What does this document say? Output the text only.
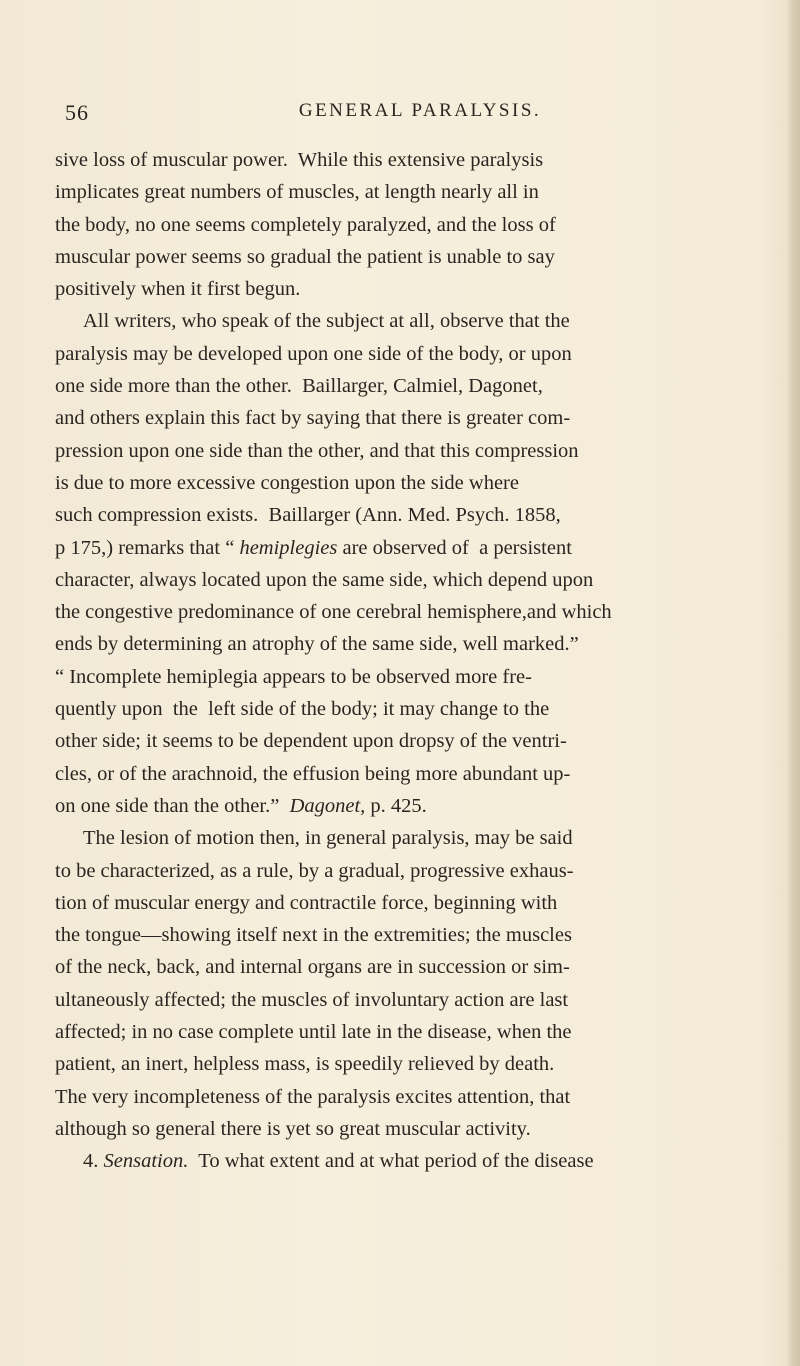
56	GENERAL PARALYSIS.
sive loss of muscular power.  While this extensive paralysis
implicates great numbers of muscles, at length nearly all in
the body, no one seems completely paralyzed, and the loss of
muscular power seems so gradual the patient is unable to say
positively when it first begun.
All writers, who speak of the subject at all, observe that the
paralysis may be developed upon one side of the body, or upon
one side more than the other.  Baillarger, Calmiel, Dagonet,
and others explain this fact by saying that there is greater com-
pression upon one side than the other, and that this compression
is due to more excessive congestion upon the side where
such compression exists.  Baillarger (Ann. Med. Psych. 1858,
p 175,) remarks that “ hemiplegies are observed of  a persistent
character, always located upon the same side, which depend upon
the congestive predominance of one cerebral hemisphere,and which
ends by determining an atrophy of the same side, well marked.”
“ Incomplete hemiplegia appears to be observed more fre-
quently upon  the  left side of the body; it may change to the
other side; it seems to be dependent upon dropsy of the ventri-
cles, or of the arachnoid, the effusion being more abundant up-
on one side than the other.”  Dagonet, p. 425.
The lesion of motion then, in general paralysis, may be said
to be characterized, as a rule, by a gradual, progressive exhaus-
tion of muscular energy and contractile force, beginning with
the tongue—showing itself next in the extremities; the muscles
of the neck, back, and internal organs are in succession or sim-
ultaneously affected; the muscles of involuntary action are last
affected; in no case complete until late in the disease, when the
patient, an inert, helpless mass, is speedily relieved by death.
The very incompleteness of the paralysis excites attention, that
although so general there is yet so great muscular activity.
4. Sensation.  To what extent and at what period of the disease
